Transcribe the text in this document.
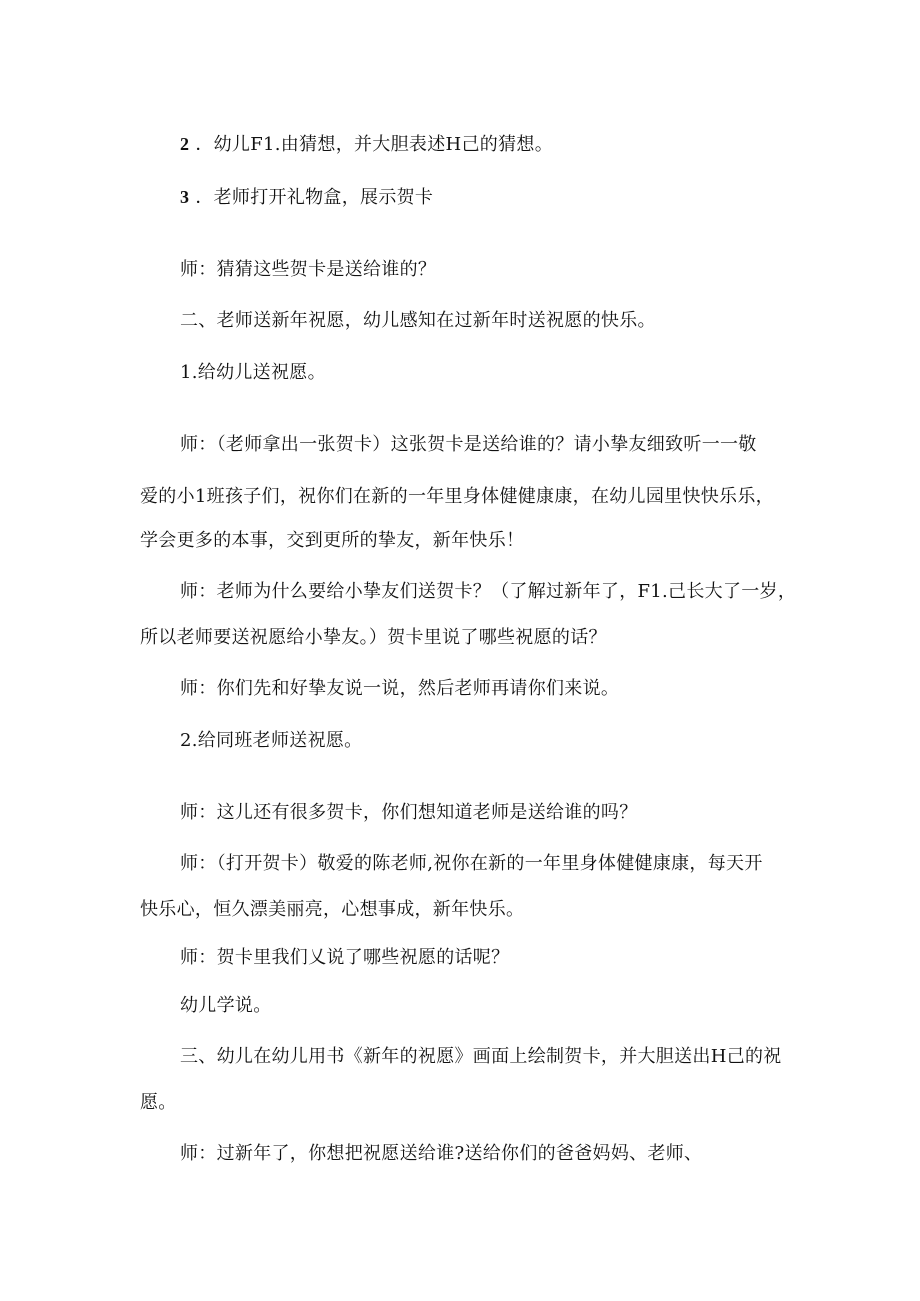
2 ．幼儿F1.由猜想，并大胆表述H己的猜想。
3 ．老师打开礼物盒，展示贺卡
师：猜猜这些贺卡是送给谁的？
二、老师送新年祝愿，幼儿感知在过新年时送祝愿的快乐。
1.给幼儿送祝愿。
师：（老师拿出一张贺卡）这张贺卡是送给谁的？请小挚友细致听一一敬
爱的小1班孩子们，祝你们在新的一年里身体健健康康，在幼儿园里快快乐乐，
学会更多的本事，交到更所的挚友，新年快乐！
师：老师为什么要给小挚友们送贺卡？（了解过新年了，F1.己长大了一岁，
所以老师要送祝愿给小挚友。）贺卡里说了哪些祝愿的话？
师：你们先和好挚友说一说，然后老师再请你们来说。
2.给同班老师送祝愿。
师：这儿还有很多贺卡，你们想知道老师是送给谁的吗？
师：（打开贺卡）敬爱的陈老师,祝你在新的一年里身体健健康康，每天开
快乐心，恒久漂美丽亮，心想事成，新年快乐。
师：贺卡里我们乂说了哪些祝愿的话呢？
幼儿学说。
三、幼儿在幼儿用书《新年的祝愿》画面上绘制贺卡，并大胆送出H己的祝
愿。
师：过新年了，你想把祝愿送给谁?送给你们的爸爸妈妈、老师、
